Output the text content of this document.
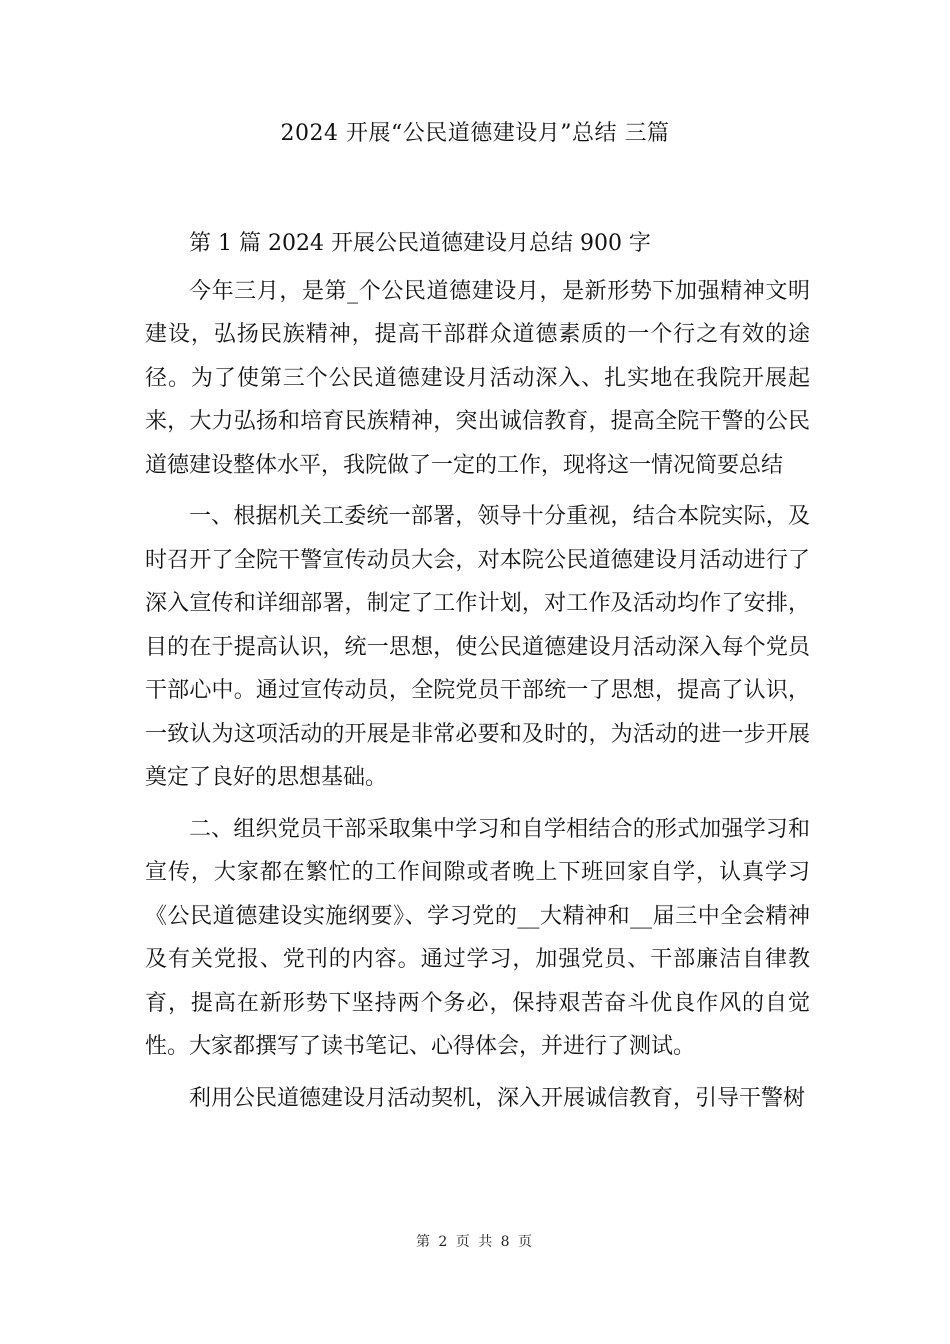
2024 开展“公民道德建设月”总结 三篇

第 1 篇 2024 开展公民道德建设月总结 900 字

今年三月，是第_个公民道德建设月，是新形势下加强精神文明建设，弘扬民族精神，提高干部群众道德素质的一个行之有效的途径。为了使第三个公民道德建设月活动深入、扎实地在我院开展起来，大力弘扬和培育民族精神，突出诚信教育，提高全院干警的公民道德建设整体水平，我院做了一定的工作，现将这一情况简要总结

一、根据机关工委统一部署，领导十分重视，结合本院实际，及时召开了全院干警宣传动员大会，对本院公民道德建设月活动进行了深入宣传和详细部署，制定了工作计划，对工作及活动均作了安排，目的在于提高认识，统一思想，使公民道德建设月活动深入每个党员干部心中。通过宣传动员，全院党员干部统一了思想，提高了认识，一致认为这项活动的开展是非常必要和及时的，为活动的进一步开展奠定了良好的思想基础。

二、组织党员干部采取集中学习和自学相结合的形式加强学习和宣传，大家都在繁忙的工作间隙或者晚上下班回家自学，认真学习《公民道德建设实施纲要》、学习党的__大精神和__届三中全会精神及有关党报、党刊的内容。通过学习，加强党员、干部廉洁自律教育，提高在新形势下坚持两个务必，保持艰苦奋斗优良作风的自觉性。大家都撰写了读书笔记、心得体会，并进行了测试。

利用公民道德建设月活动契机，深入开展诚信教育，引导干警树

第 2 页 共 8 页
